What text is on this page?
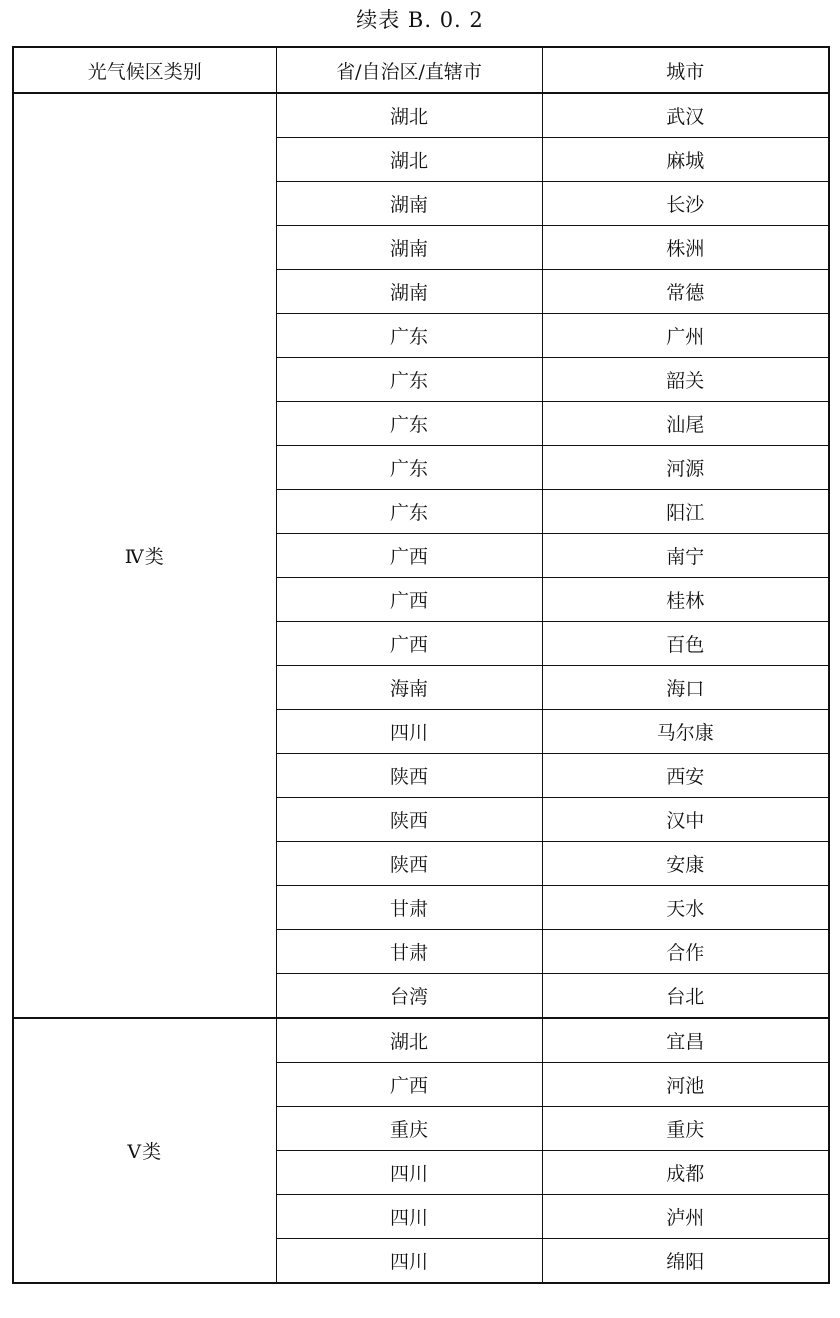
续表 B. 0. 2
光气候区类别	省/自治区/直辖市	城市
Ⅳ类	湖北	武汉
	湖北	麻城
	湖南	长沙
	湖南	株洲
	湖南	常德
	广东	广州
	广东	韶关
	广东	汕尾
	广东	河源
	广东	阳江
	广西	南宁
	广西	桂林
	广西	百色
	海南	海口
	四川	马尔康
	陕西	西安
	陕西	汉中
	陕西	安康
	甘肃	天水
	甘肃	合作
	台湾	台北
Ⅴ类	湖北	宜昌
	广西	河池
	重庆	重庆
	四川	成都
	四川	泸州
	四川	绵阳
